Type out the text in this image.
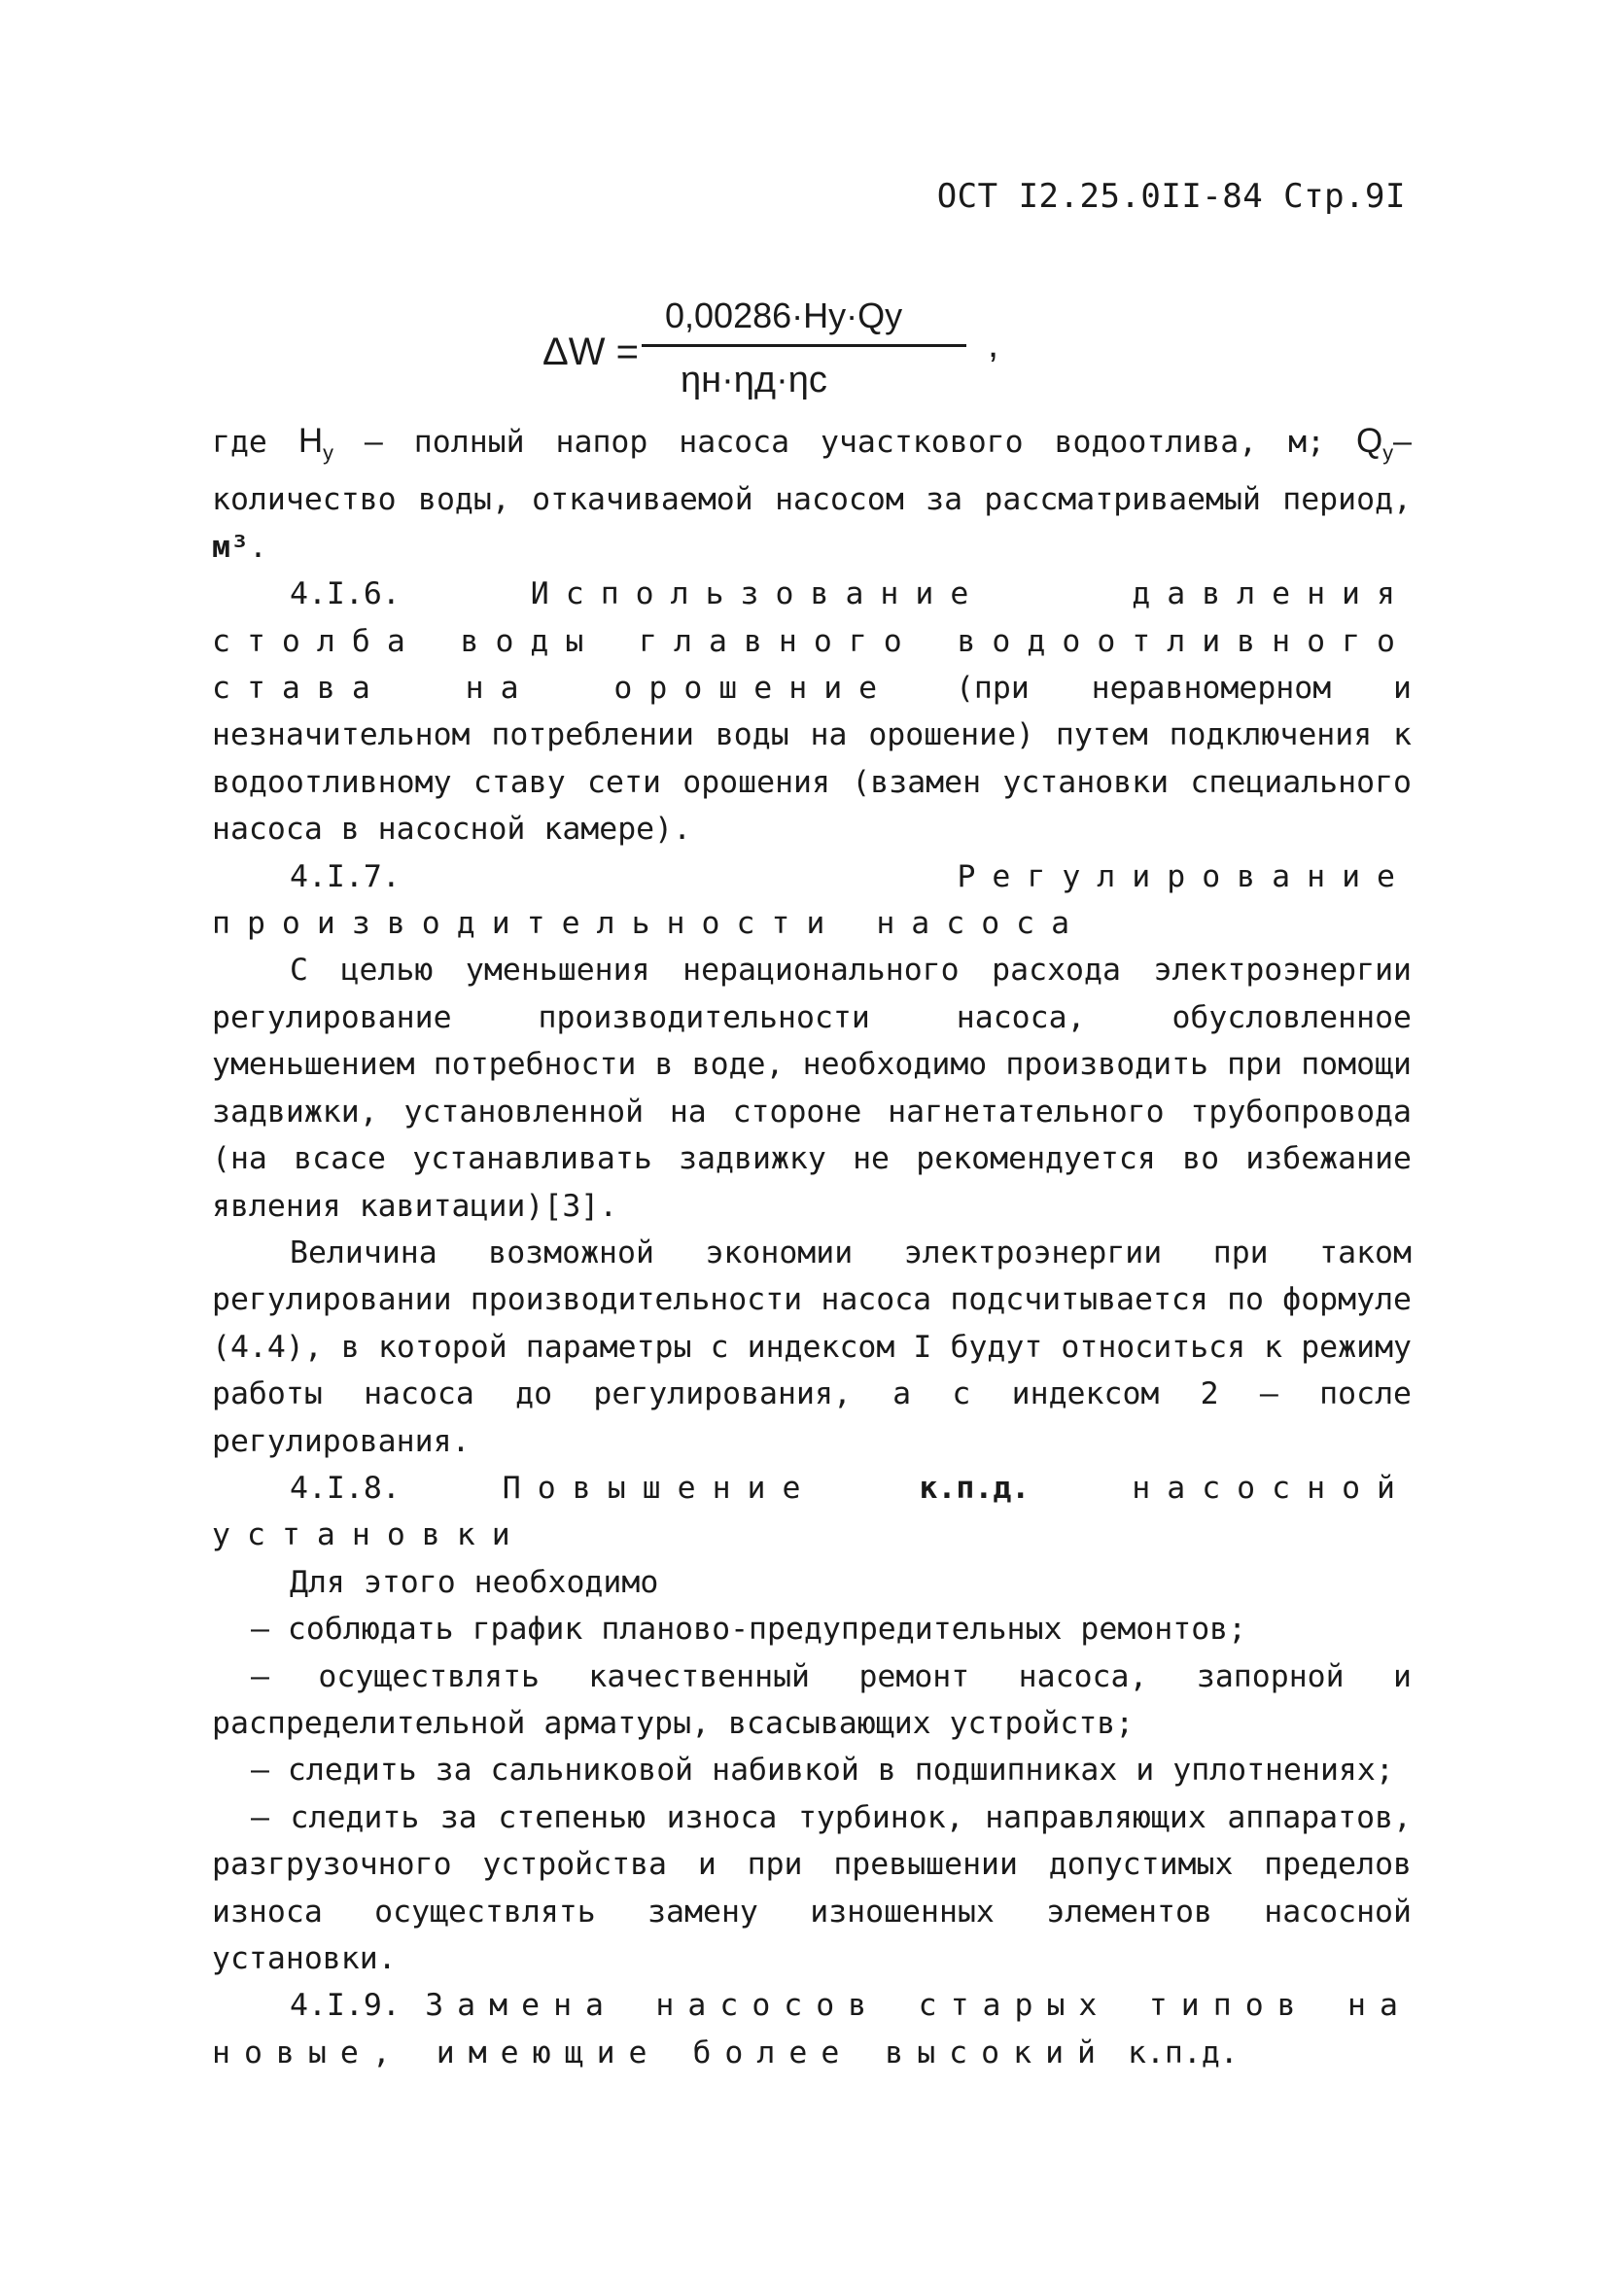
ОСТ I2.25.0II-84 Стр.9I
ΔW =
0,00286·Hу·Qу
ηн·ηд·ηс
,

где $H_у$ – полный напор насоса участкового водоотлива, м; $Q_у-$ количество воды, откачиваемой насосом за рассматриваемый период, м³.

4.I.6.	Использование давления столба воды главного водоотливного става на орошение (при неравномерном и незначительном потреблении воды на орошение) путем подключения к водоотливному ставу сети орошения (взамен установки специального насоса в насосной камере).

4.I.7.	Регулирование производительности насоса

С целью уменьшения нерационального расхода электроэнергии регулирование производительности насоса, обусловленное уменьшением потребности в воде, необходимо производить при помощи задвижки, установленной на стороне нагнетательного трубопровода (на всасе устанавливать задвижку не рекомендуется во избежание явления кавитации)[3].

Величина возможной экономии электроэнергии при таком регулировании производительности насоса подсчитывается по формуле (4.4), в которой параметры с индексом I будут относиться к режиму работы насоса до регулирования, а с индексом 2 – после регулирования.

4.I.8.	Повышение	к.п.д.	насосной установки

Для этого необходимо

– соблюдать график планово-предупредительных ремонтов;

– осуществлять качественный ремонт насоса, запорной и распределительной арматуры, всасывающих устройств;

– следить за сальниковой набивкой в подшипниках и уплотнениях;

– следить за степенью износа турбинок, направляющих аппаратов, разгрузочного устройства и при превышении допустимых пределов износа осуществлять замену изношенных элементов насосной установки.

4.I.9. Замена насосов старых типов на новые, имеющие более высокий к.п.д.
